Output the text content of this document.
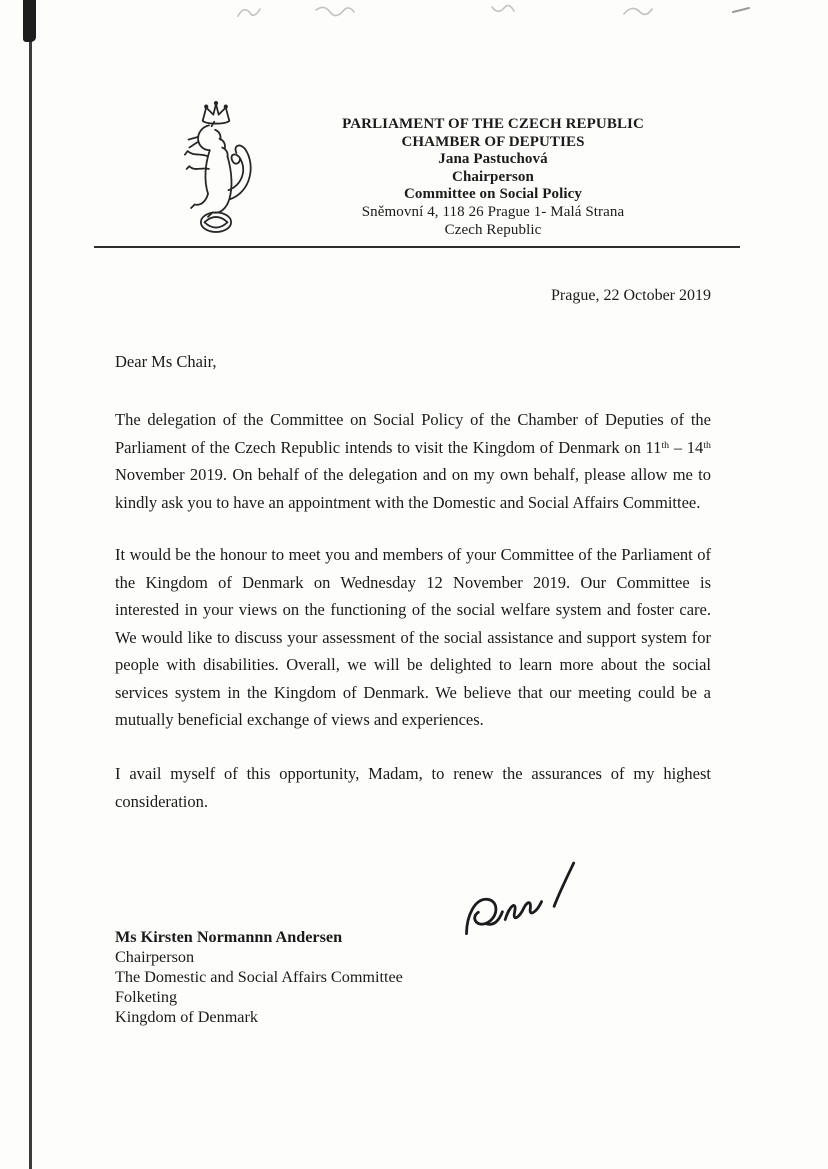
PARLIAMENT OF THE CZECH REPUBLIC
CHAMBER OF DEPUTIES
Jana Pastuchová
Chairperson
Committee on Social Policy
Sněmovní 4, 118 26 Prague 1- Malá Strana
Czech Republic
Prague, 22 October 2019
Dear Ms Chair,

The delegation of the Committee on Social Policy of the Chamber of Deputies of the Parliament of the Czech Republic intends to visit the Kingdom of Denmark on 11th – 14th November 2019. On behalf of the delegation and on my own behalf, please allow me to kindly ask you to have an appointment with the Domestic and Social Affairs Committee.

It would be the honour to meet you and members of your Committee of the Parliament of the Kingdom of Denmark on Wednesday 12 November 2019. Our Committee is interested in your views on the functioning of the social welfare system and foster care. We would like to discuss your assessment of the social assistance and support system for people with disabilities. Overall, we will be delighted to learn more about the social services system in the Kingdom of Denmark. We believe that our meeting could be a mutually beneficial exchange of views and experiences.

I avail myself of this opportunity, Madam, to renew the assurances of my highest consideration.

Ms Kirsten Normannn Andersen
Chairperson
The Domestic and Social Affairs Committee
Folketing
Kingdom of Denmark
